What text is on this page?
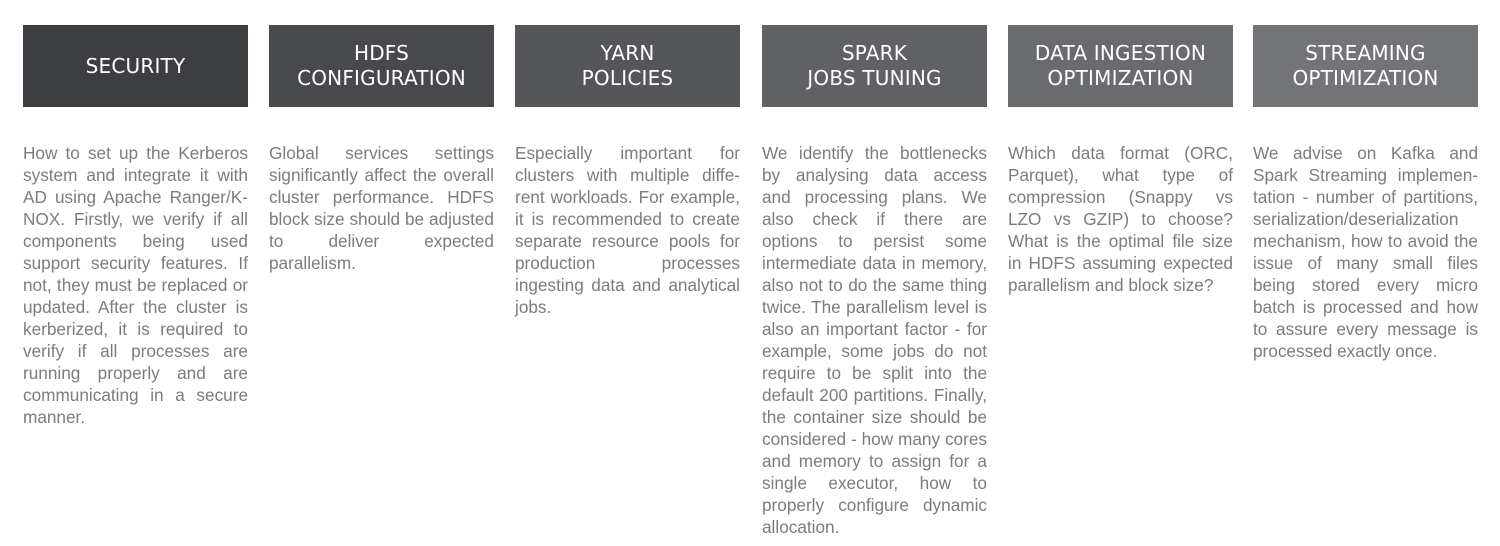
SECURITY
How to set up the Kerberos system and integrate it with AD using Apache Ranger/K-NOX. Firstly, we verify if all components being used support security features. If not, they must be replaced or updated. After the cluster is kerberized, it is required to verify if all processes are running properly and are communicating in a secure manner.
HDFS
CONFIGURATION
Global services settings significantly affect the overall cluster performance. HDFS block size should be adjusted to deliver expected parallelism.
YARN
POLICIES
Especially important for clusters with multiple different workloads. For example, it is recommended to create separate resource pools for production processes ingesting data and analytical jobs.
SPARK
JOBS TUNING
We identify the bottlenecks by analysing data access and processing plans. We also check if there are options to persist some intermediate data in memory, also not to do the same thing twice. The parallelism level is also an important factor - for example, some jobs do not require to be split into the default 200 partitions. Finally, the container size should be considered - how many cores and memory to assign for a single executor, how to properly configure dynamic allocation.
DATA INGESTION
OPTIMIZATION
Which data format (ORC, Parquet), what type of compression (Snappy vs LZO vs GZIP) to choose? What is the optimal file size in HDFS assuming expected parallelism and block size?
STREAMING
OPTIMIZATION
We advise on Kafka and Spark Streaming implementation - number of partitions, serialization/deserialization mechanism, how to avoid the issue of many small files being stored every micro batch is processed and how to assure every message is processed exactly once.
